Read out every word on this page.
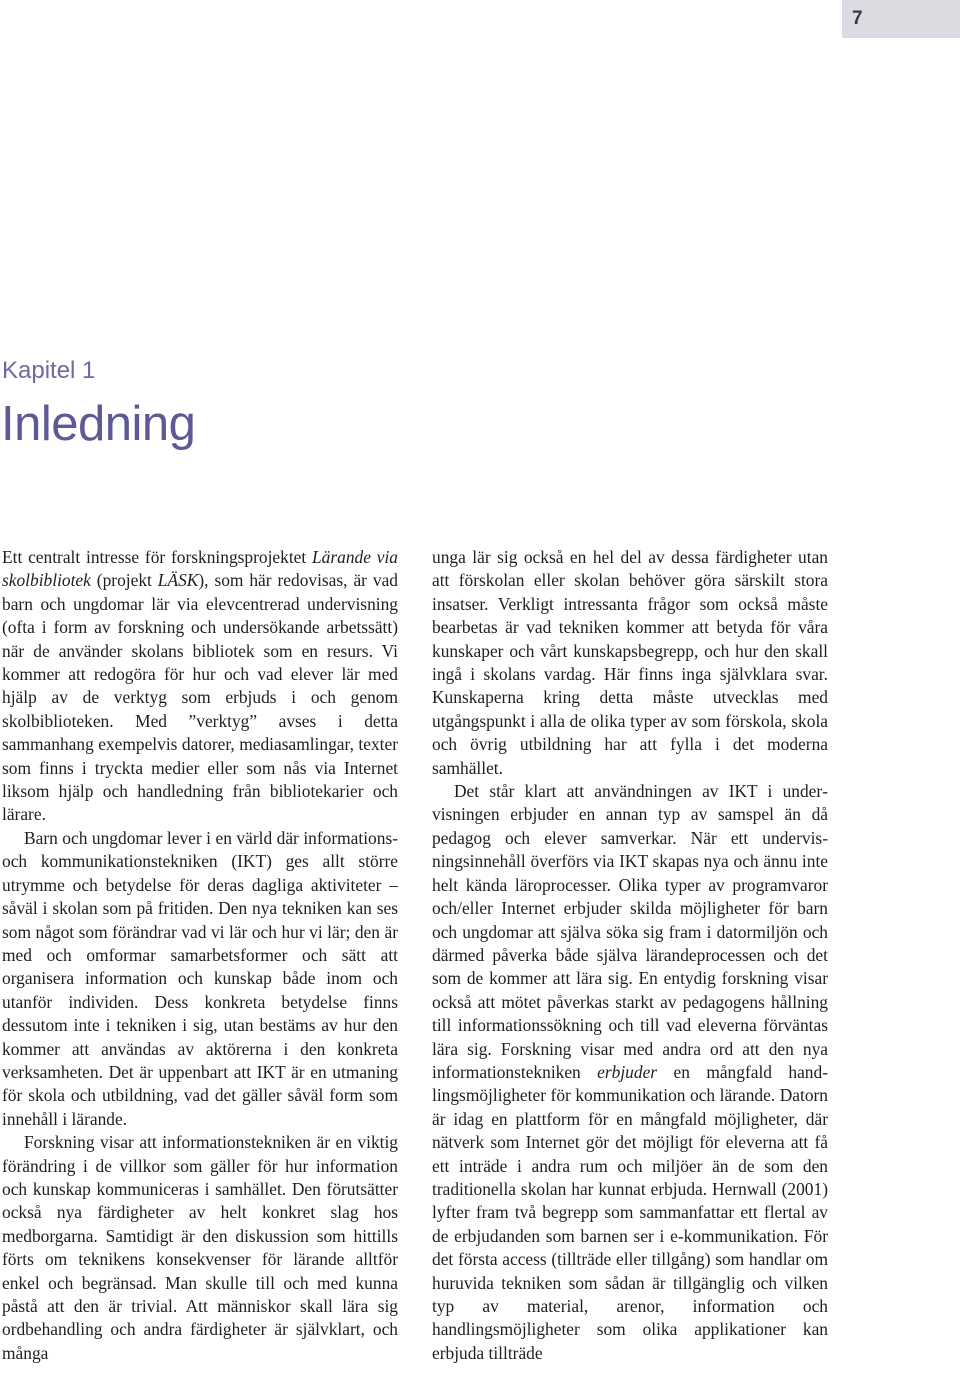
7
Kapitel 1
Inledning

Ett centralt intresse för forskningsprojektet Lärande via skolbibliotek (projekt LÄSK), som här redovisas, är vad barn och ungdomar lär via elevcentrerad undervisning (ofta i form av forskning och undersökande arbetssätt) när de använder skolans bibliotek som en resurs. Vi kommer att redogöra för hur och vad elever lär med hjälp av de verktyg som erbjuds i och genom skolbiblioteken. Med ”verktyg” avses i detta sammanhang exempelvis datorer, mediasamlingar, texter som finns i tryckta medier eller som nås via Internet liksom hjälp och handledning från bibliotekarier och lärare.

Barn och ungdomar lever i en värld där informations- och kommunikationstekniken (IKT) ges allt större utrymme och betydelse för deras dagliga aktiviteter – såväl i skolan som på fritiden. Den nya tekniken kan ses som något som förändrar vad vi lär och hur vi lär; den är med och omformar samarbetsformer och sätt att organisera information och kunskap både inom och utanför individen. Dess konkreta betydelse finns dessutom inte i tekniken i sig, utan bestäms av hur den kommer att användas av aktörerna i den konkreta verksamheten. Det är uppenbart att IKT är en utmaning för skola och utbildning, vad det gäller såväl form som innehåll i lärande.

Forskning visar att informationstekniken är en viktig förändring i de villkor som gäller för hur information och kunskap kommuniceras i samhället. Den förutsätter också nya färdigheter av helt konkret slag hos medborgarna. Samtidigt är den diskussion som hittills förts om teknikens konsekvenser för lärande alltför enkel och begränsad. Man skulle till och med kunna påstå att den är trivial. Att människor skall lära sig ordbehandling och andra färdigheter är självklart, och många

unga lär sig också en hel del av dessa färdigheter utan att förskolan eller skolan behöver göra särskilt stora insatser. Verkligt intressanta frågor som också måste bearbetas är vad tekniken kommer att betyda för våra kunskaper och vårt kunskapsbegrepp, och hur den skall ingå i skolans vardag. Här finns inga självklara svar. Kunskaperna kring detta måste utvecklas med utgångspunkt i alla de olika typer av som förskola, skola och övrig utbildning har att fylla i det moderna samhället.

Det står klart att användningen av IKT i undervisningen erbjuder en annan typ av samspel än då pedagog och elever samverkar. När ett undervisningsinnehåll överförs via IKT skapas nya och ännu inte helt kända läroprocesser. Olika typer av programvaror och/eller Internet erbjuder skilda möjligheter för barn och ungdomar att själva söka sig fram i datormiljön och därmed påverka både själva lärandeprocessen och det som de kommer att lära sig. En entydig forskning visar också att mötet påverkas starkt av pedagogens hållning till informationssökning och till vad eleverna förväntas lära sig. Forskning visar med andra ord att den nya informationstekniken erbjuder en mångfald handlingsmöjligheter för kommunikation och lärande. Datorn är idag en plattform för en mångfald möjligheter, där nätverk som Internet gör det möjligt för eleverna att få ett inträde i andra rum och miljöer än de som den traditionella skolan har kunnat erbjuda. Hernwall (2001) lyfter fram två begrepp som sammanfattar ett flertal av de erbjudanden som barnen ser i e-kommunikation. För det första access (tillträde eller tillgång) som handlar om huruvida tekniken som sådan är tillgänglig och vilken typ av material, arenor, information och handlingsmöjligheter som olika applikationer kan erbjuda tillträde
